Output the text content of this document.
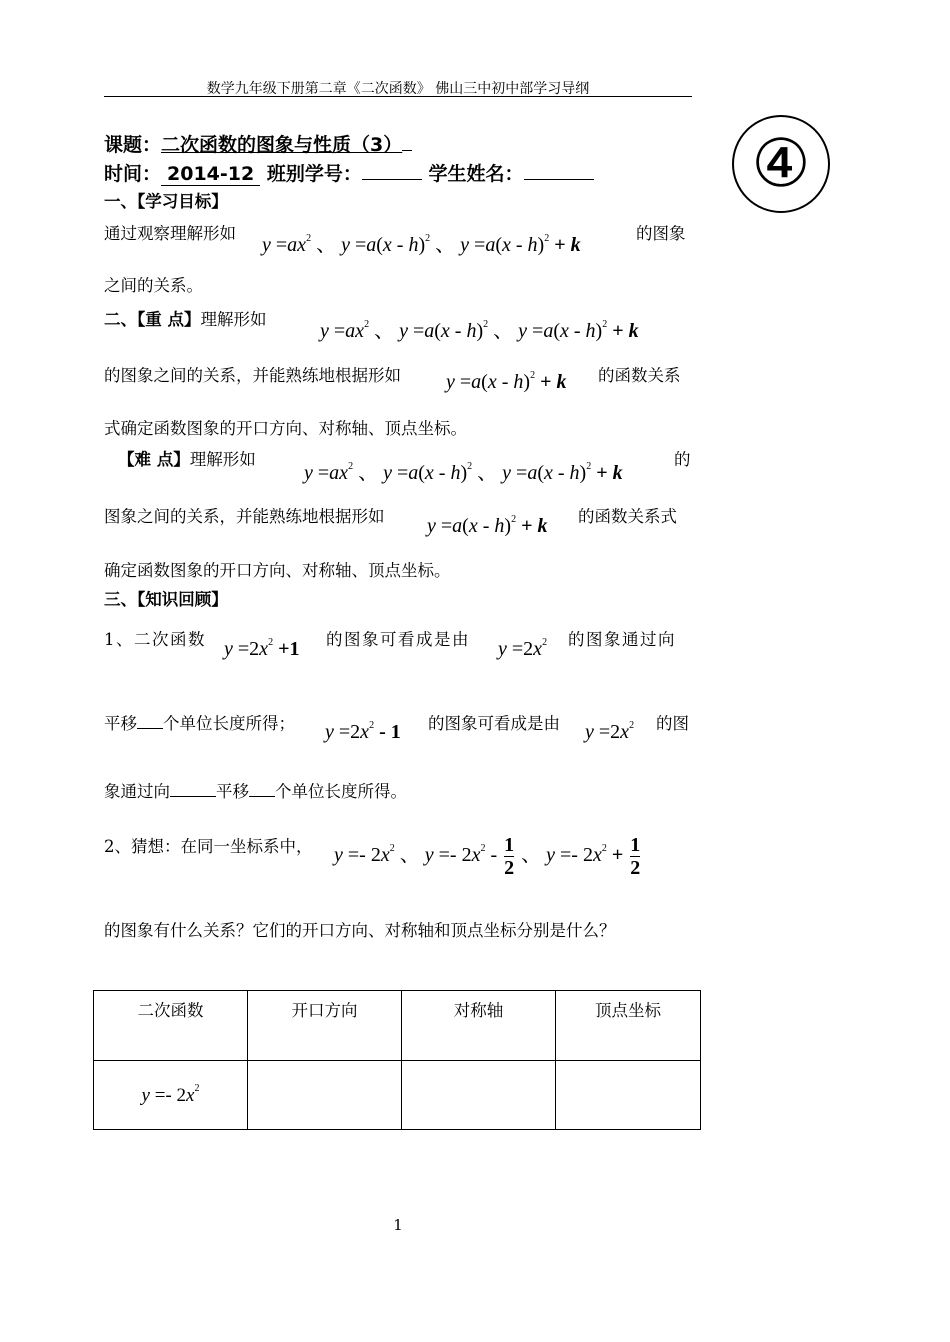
数学九年级下册第二章《二次函数》 佛山三中初中部学习导纲
④
课题：二次函数的图象与性质（3）
时间： 2014-12 班别学号：	学生姓名：
一、【学习目标】
通过观察理解形如
$y =ax^2$ 、 y =a(x - h)$^2$ 、 y =a(x - h)$^2$ + k
的图象
之间的关系。
二、【重 点】理解形如
$y =ax^2$ 、 y =a(x - h)$^2$ 、 y =a(x - h)$^2$ + k
的图象之间的关系，并能熟练地根据形如 y =a(x - h)$^2$ + k 的函数关系
式确定函数图象的开口方向、对称轴、顶点坐标。
【难 点】理解形如
$y =ax^2$ 、 y =a(x - h)$^2$ 、 y =a(x - h)$^2$ + k
的
图象之间的关系，并能熟练地根据形如 y =a(x - h)$^2$ + k 的函数关系式
确定函数图象的开口方向、对称轴、顶点坐标。
三、【知识回顾】
1、二次函数 $y =2x^2 +1$ 的图象可看成是由 $y =2x^2$ 的图象通过向
平移 个单位长度所得； $y =2x^2 - 1$ 的图象可看成是由 $y =2x^2$ 的图
象通过向	平移 个单位长度所得。
2、猜想：在同一坐标系中， $y =- 2x^2$ 、 $y =- 2x^2 - \frac{1}{2}$ 、 $y =- 2x^2 + \frac{1}{2}$
的图象有什么关系？它们的开口方向、对称轴和顶点坐标分别是什么？
二次函数	开口方向	对称轴	顶点坐标
$y =- 2x^2$			
1
